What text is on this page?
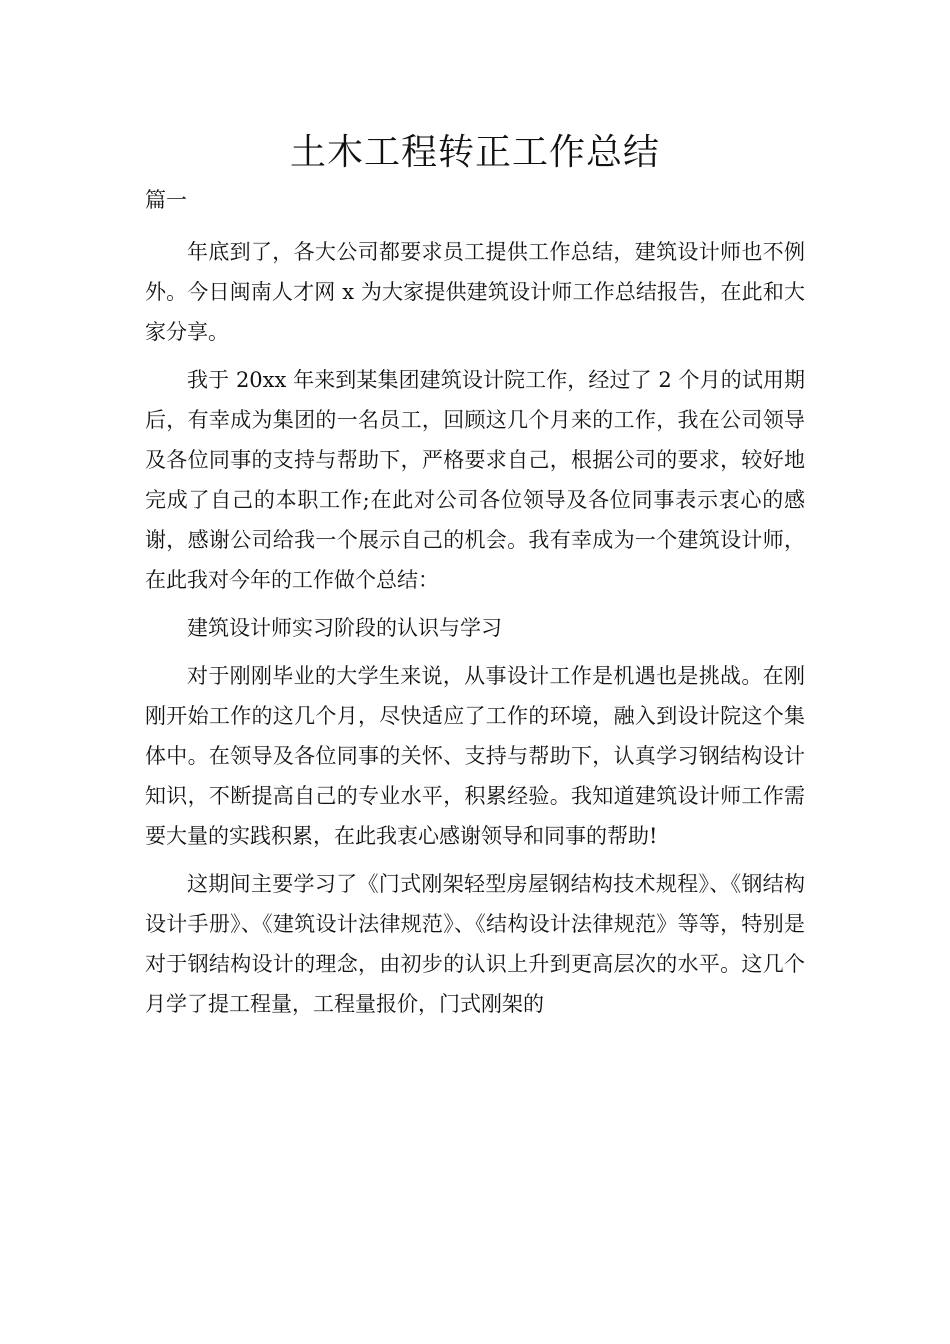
土木工程转正工作总结
篇一

年底到了，各大公司都要求员工提供工作总结，建筑设计师也不例外。今日闽南人才网 x 为大家提供建筑设计师工作总结报告，在此和大家分享。

我于 20xx 年来到某集团建筑设计院工作，经过了 2 个月的试用期后，有幸成为集团的一名员工，回顾这几个月来的工作，我在公司领导及各位同事的支持与帮助下，严格要求自己，根据公司的要求，较好地完成了自己的本职工作;在此对公司各位领导及各位同事表示衷心的感谢，感谢公司给我一个展示自己的机会。我有幸成为一个建筑设计师，在此我对今年的工作做个总结：

建筑设计师实习阶段的认识与学习

对于刚刚毕业的大学生来说，从事设计工作是机遇也是挑战。在刚刚开始工作的这几个月，尽快适应了工作的环境，融入到设计院这个集体中。在领导及各位同事的关怀、支持与帮助下，认真学习钢结构设计知识，不断提高自己的专业水平，积累经验。我知道建筑设计师工作需要大量的实践积累，在此我衷心感谢领导和同事的帮助!

这期间主要学习了《门式刚架轻型房屋钢结构技术规程》、《钢结构设计手册》、《建筑设计法律规范》、《结构设计法律规范》等等，特别是对于钢结构设计的理念，由初步的认识上升到更高层次的水平。这几个月学了提工程量，工程量报价，门式刚架的
